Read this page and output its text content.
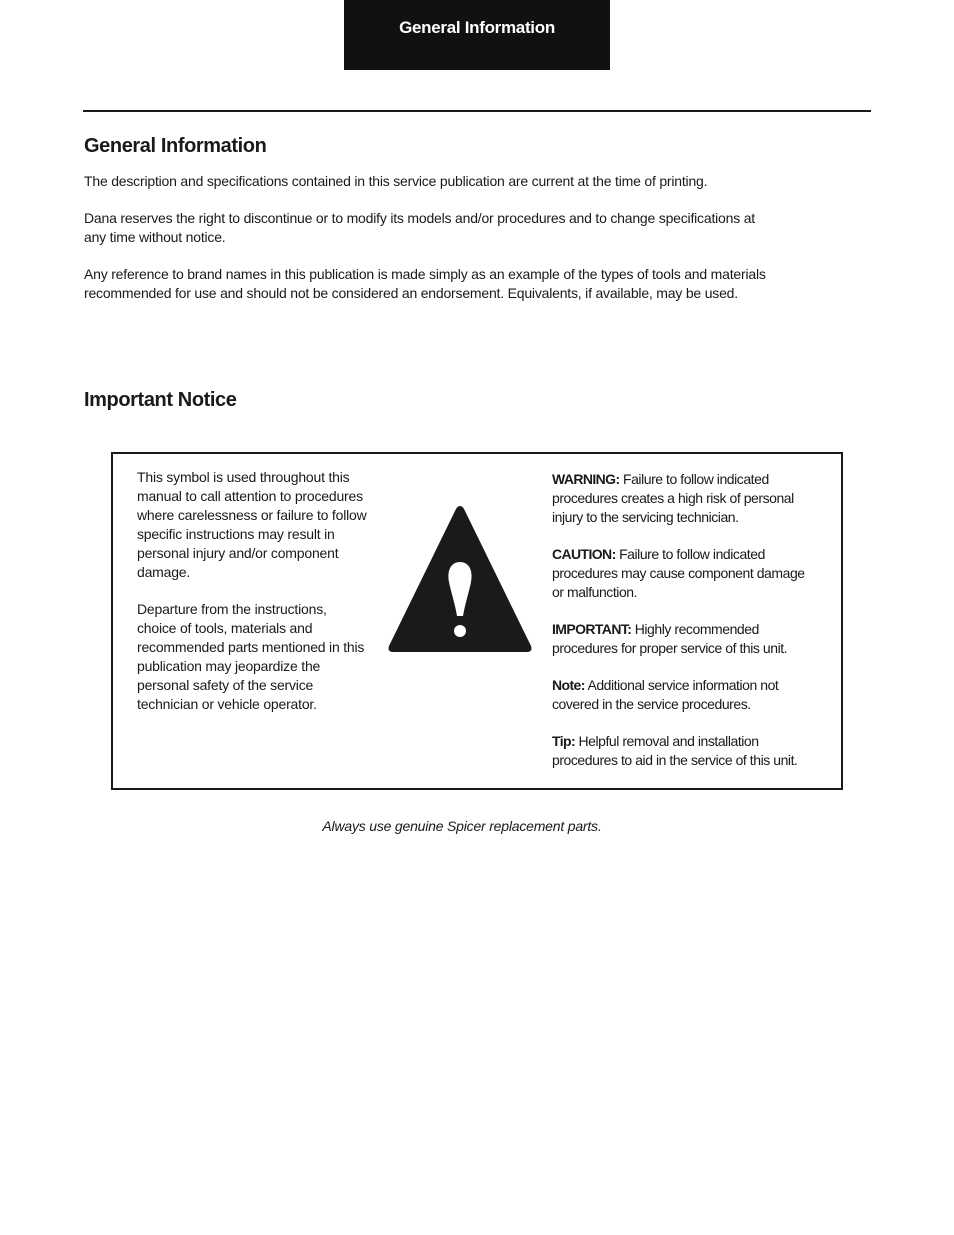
General Information
General Information

The description and specifications contained in this service publication are current at the time of printing.

Dana reserves the right to discontinue or to modify its models and/or procedures and to change specifications at any time without notice.

Any reference to brand names in this publication is made simply as an example of the types of tools and materials recommended for use and should not be considered an endorsement. Equivalents, if available, may be used.

Important Notice

This symbol is used throughout this manual to call attention to procedures where carelessness or failure to follow specific instructions may result in personal injury and/or component damage.

Departure from the instructions, choice of tools, materials and recommended parts mentioned in this publication may jeopardize the personal safety of the service technician or vehicle operator.

WARNING: Failure to follow indicated procedures creates a high risk of personal injury to the servicing technician.

CAUTION: Failure to follow indicated procedures may cause component damage or malfunction.

IMPORTANT: Highly recommended procedures for proper service of this unit.

Note: Additional service information not covered in the service procedures.

Tip: Helpful removal and installation procedures to aid in the service of this unit.

Always use genuine Spicer replacement parts.
